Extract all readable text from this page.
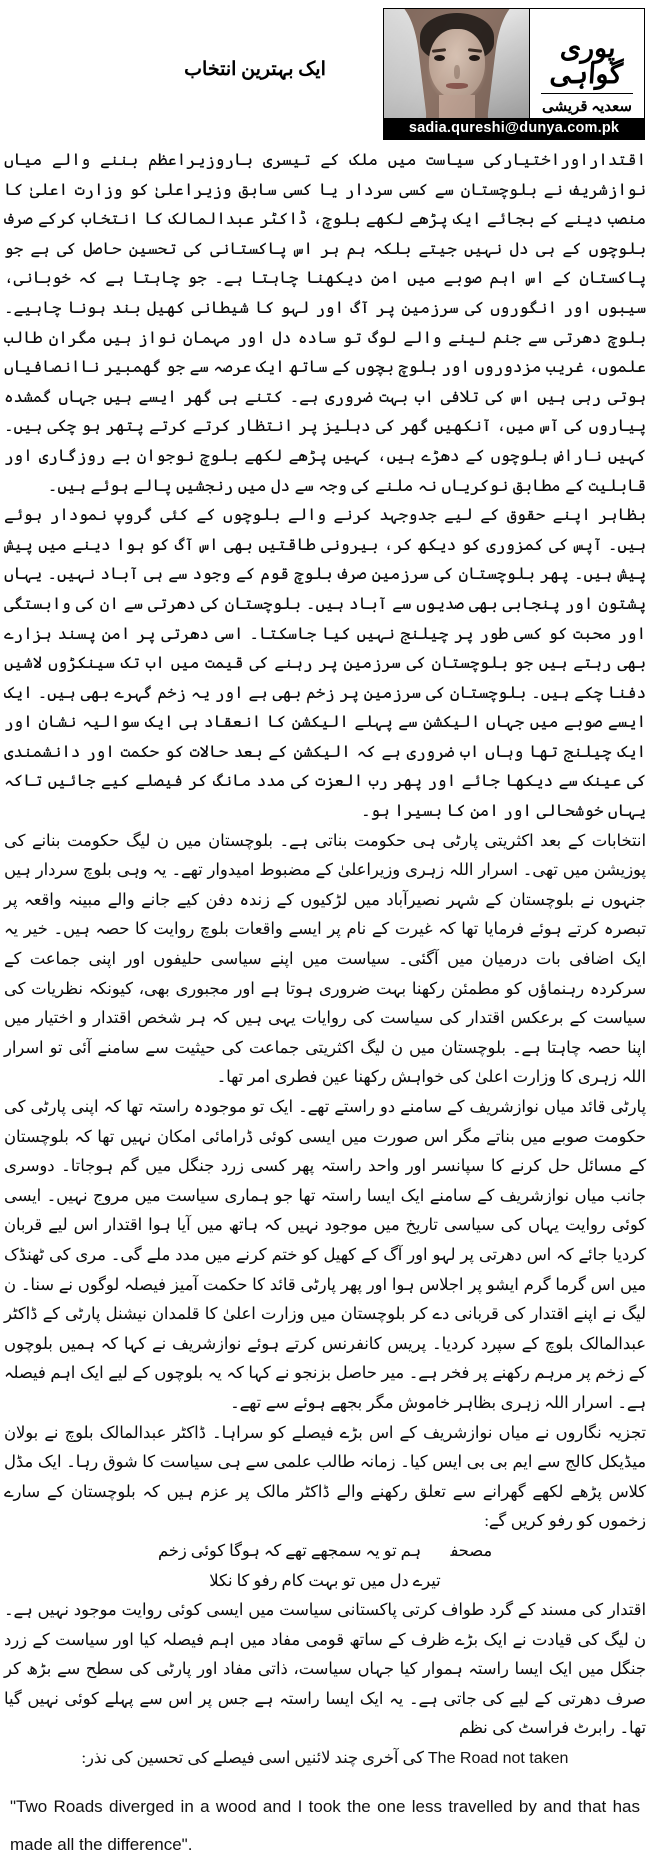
ایک بہترین انتخاب
پوری گواہی
سعدیہ قریشی
sadia.qureshi@dunya.com.pk

اقتداراوراختیارکی سیاست میں ملک کے تیسری باروزیراعظم بننے والے میاں نوازشریف نے بلوچستان سے کسی سردار یا کسی سابق وزیراعلیٰ کو وزارت اعلیٰ کا منصب دینے کے بجائے ایک پڑھے لکھے بلوچ، ڈاکٹر عبدالمالک کا انتخاب کرکے صرف بلوچوں کے ہی دل نہیں جیتے بلکہ ہم ہر اس پاکستانی کی تحسین حاصل کی ہے جو پاکستان کے اس اہم صوبے میں امن دیکھنا چاہتا ہے۔ جو چاہتا ہے کہ خوبانی، سیبوں اور انگوروں کی سرزمین پر آگ اور لہو کا شیطانی کھیل بند ہونا چاہیے۔ بلوچ دھرتی سے جنم لینے والے لوگ تو سادہ دل اور مہمان نواز ہیں مگران طالب علموں، غریب مزدوروں اور بلوچ بچوں کے ساتھ ایک عرصہ سے جو گھمبیر ناانصافیاں ہوتی رہی ہیں اس کی تلافی اب بہت ضروری ہے۔ کتنے ہی گھر ایسے ہیں جہاں گمشدہ پیاروں کی آس میں، آنکھیں گھر کی دہلیز پر انتظار کرتے کرتے پتھر ہو چکی ہیں۔ کہیں ناراض بلوچوں کے دھڑے ہیں، کہیں پڑھے لکھے بلوچ نوجوان بے روزگاری اور قابلیت کے مطابق نوکریاں نہ ملنے کی وجہ سے دل میں رنجشیں پالے ہوئے ہیں۔

بظاہر اپنے حقوق کے لیے جدوجہد کرنے والے بلوچوں کے کئی گروپ نمودار ہوئے ہیں۔ آپس کی کمزوری کو دیکھ کر، بیرونی طاقتیں بھی اس آگ کو ہوا دینے میں پیش پیش ہیں۔ پھر بلوچستان کی سرزمین صرف بلوچ قوم کے وجود سے ہی آباد نہیں۔ یہاں پشتون اور پنجابی بھی صدیوں سے آباد ہیں۔ بلوچستان کی دھرتی سے ان کی وابستگی اور محبت کو کسی طور پر چیلنج نہیں کیا جاسکتا۔ اسی دھرتی پر امن پسند ہزارے بھی رہتے ہیں جو بلوچستان کی سرزمین پر رہنے کی قیمت میں اب تک سینکڑوں لاشیں دفنا چکے ہیں۔ بلوچستان کی سرزمین پر زخم بھی ہے اور یہ زخم گہرے بھی ہیں۔ ایک ایسے صوبے میں جہاں الیکشن سے پہلے الیکشن کا انعقاد ہی ایک سوالیہ نشان اور ایک چیلنج تھا وہاں اب ضروری ہے کہ الیکشن کے بعد حالات کو حکمت اور دانشمندی کی عینک سے دیکھا جائے اور پھر رب العزت کی مدد مانگ کر فیصلے کیے جائیں تاکہ یہاں خوشحالی اور امن کا بسیرا ہو۔

انتخابات کے بعد اکثریتی پارٹی ہی حکومت بناتی ہے۔ بلوچستان میں ن لیگ حکومت بنانے کی پوزیشن میں تھی۔ اسرار اللہ زہری وزیراعلیٰ کے مضبوط امیدوار تھے۔ یہ وہی بلوچ سردار ہیں جنہوں نے بلوچستان کے شہر نصیرآباد میں لڑکیوں کے زندہ دفن کیے جانے والے مبینہ واقعہ پر تبصرہ کرتے ہوئے فرمایا تھا کہ غیرت کے نام پر ایسے واقعات بلوچ روایت کا حصہ ہیں۔ خیر یہ ایک اضافی بات درمیان میں آگئی۔ سیاست میں اپنے سیاسی حلیفوں اور اپنی جماعت کے سرکردہ رہنماؤں کو مطمئن رکھنا بہت ضروری ہوتا ہے اور مجبوری بھی، کیونکہ نظریات کی سیاست کے برعکس اقتدار کی سیاست کی روایات یہی ہیں کہ ہر شخص اقتدار و اختیار میں اپنا حصہ چاہتا ہے۔ بلوچستان میں ن لیگ اکثریتی جماعت کی حیثیت سے سامنے آئی تو اسرار اللہ زہری کا وزارت اعلیٰ کی خواہش رکھنا عین فطری امر تھا۔

پارٹی قائد میاں نوازشریف کے سامنے دو راستے تھے۔ ایک تو موجودہ راستہ تھا کہ اپنی پارٹی کی حکومت صوبے میں بناتے مگر اس صورت میں ایسی کوئی ڈرامائی امکان نہیں تھا کہ بلوچستان کے مسائل حل کرنے کا سپانسر اور واحد راستہ پھر کسی زرد جنگل میں گم ہوجاتا۔ دوسری جانب میاں نوازشریف کے سامنے ایک ایسا راستہ تھا جو ہماری سیاست میں مروج نہیں۔ ایسی کوئی روایت یہاں کی سیاسی تاریخ میں موجود نہیں کہ ہاتھ میں آیا ہوا اقتدار اس لیے قربان کردیا جائے کہ اس دھرتی پر لہو اور آگ کے کھیل کو ختم کرنے میں مدد ملے گی۔ مری کی ٹھنڈک میں اس گرما گرم ایشو پر اجلاس ہوا اور پھر پارٹی قائد کا حکمت آمیز فیصلہ لوگوں نے سنا۔ ن لیگ نے اپنے اقتدار کی قربانی دے کر بلوچستان میں وزارت اعلیٰ کا قلمدان نیشنل پارٹی کے ڈاکٹر عبدالمالک بلوچ کے سپرد کردیا۔ پریس کانفرنس کرتے ہوئے نوازشریف نے کہا کہ ہمیں بلوچوں کے زخم پر مرہم رکھنے پر فخر ہے۔ میر حاصل بزنجو نے کہا کہ یہ بلوچوں کے لیے ایک اہم فیصلہ ہے۔ اسرار اللہ زہری بظاہر خاموش مگر بجھے ہوئے سے تھے۔

تجزیہ نگاروں نے میاں نوازشریف کے اس بڑے فیصلے کو سراہا۔ ڈاکٹر عبدالمالک بلوچ نے بولان میڈیکل کالج سے ایم بی بی ایس کیا۔ زمانہ طالب علمی سے ہی سیاست کا شوق رہا۔ ایک مڈل کلاس پڑھے لکھے گھرانے سے تعلق رکھنے والے ڈاکٹر مالک پر عزم ہیں کہ بلوچستان کے سارے زخموں کو رفو کریں گے:

مصحفیؔ ہم تو یہ سمجھے تھے کہ ہوگا کوئی زخم

تیرے دل میں تو بہت کام رفو کا نکلا

اقتدار کی مسند کے گرد طواف کرتی پاکستانی سیاست میں ایسی کوئی روایت موجود نہیں ہے۔ ن لیگ کی قیادت نے ایک بڑے ظرف کے ساتھ قومی مفاد میں اہم فیصلہ کیا اور سیاست کے زرد جنگل میں ایک ایسا راستہ ہموار کیا جہاں سیاست، ذاتی مفاد اور پارٹی کی سطح سے بڑھ کر صرف دھرتی کے لیے کی جاتی ہے۔ یہ ایک ایسا راستہ ہے جس پر اس سے پہلے کوئی نہیں گیا تھا۔ رابرٹ فراسٹ کی نظم

The Road not taken کی آخری چند لائنیں اسی فیصلے کی تحسین کی نذر:

"Two Roads diverged in a wood and I took the one less travelled by and that has made all the difference".
